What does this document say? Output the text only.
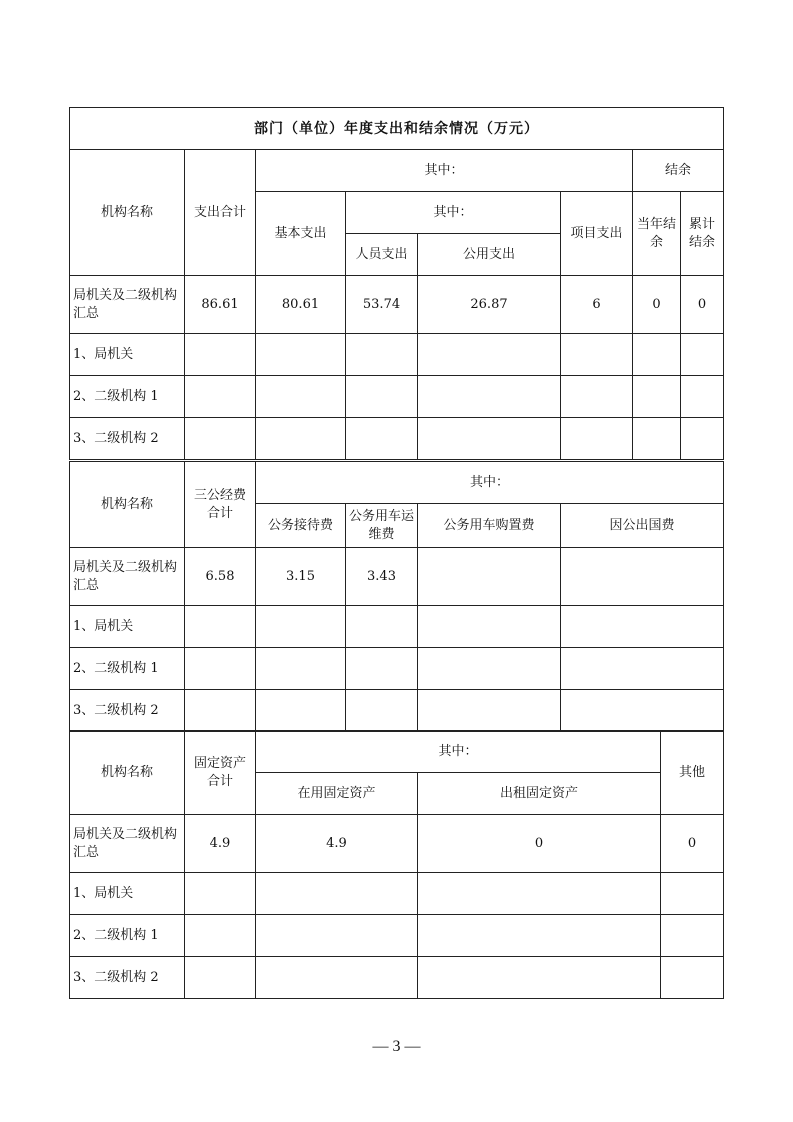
部门（单位）年度支出和结余情况（万元）							
机构名称	支出合计	其中：				结余	
		基本支出	其中：		项目支出	当年结余	累计结余
			人员支出	公用支出			
局机关及二级机构汇总	86.61	80.61	53.74	26.87	6	0	0
1、局机关							
2、二级机构 1							
3、二级机构 2							
机构名称	三公经费合计	其中：			
		公务接待费	公务用车运维费	公务用车购置费	因公出国费
局机关及二级机构汇总	6.58	3.15	3.43		
1、局机关					
2、二级机构 1					
3、二级机构 2					
机构名称	固定资产合计	其中：		其他
		在用固定资产	出租固定资产	
局机关及二级机构汇总	4.9	4.9	0	0
1、局机关				
2、二级机构 1				
3、二级机构 2				
— 3 —
